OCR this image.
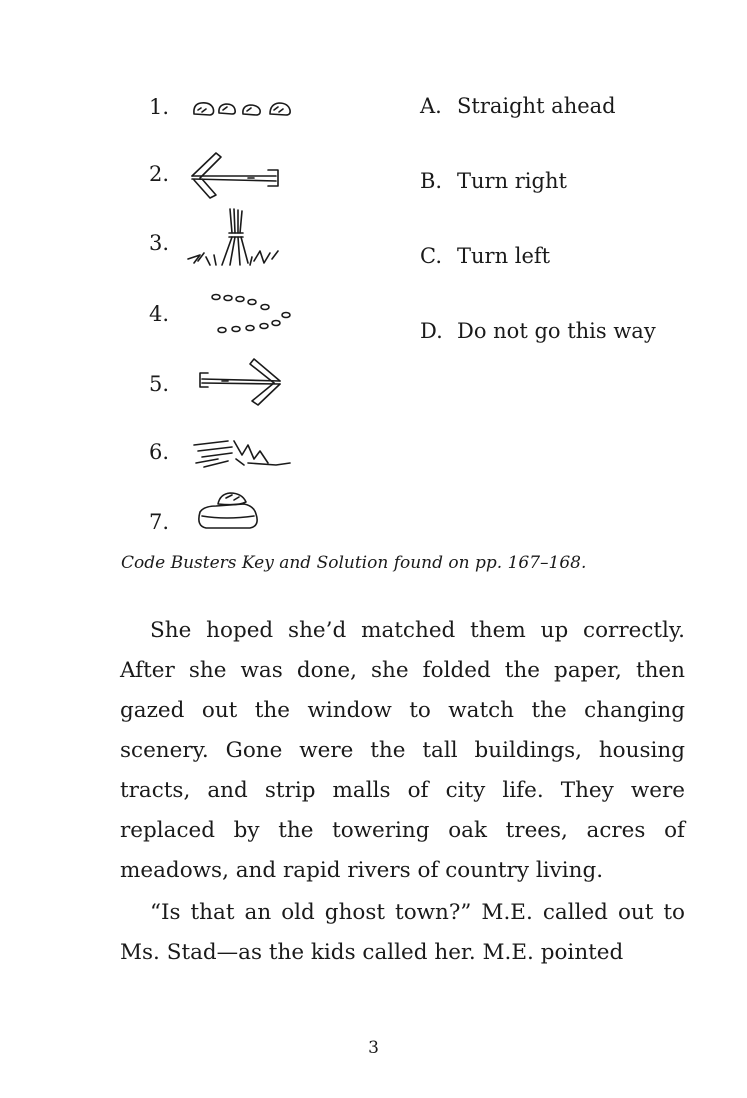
1.
2.
3.
4.
5.
6.
7.
A. Straight ahead
B. Turn right
C. Turn left
D. Do not go this way
Code Busters Key and Solution found on pp. 167–168.
She hoped she’d matched them up correctly. After she was done, she folded the paper, then gazed out the window to watch the changing scenery. Gone were the tall buildings, housing tracts, and strip malls of city life. They were replaced by the towering oak trees, acres of meadows, and rapid rivers of country living.
“Is that an old ghost town?” M.E. called out to Ms. Stad—as the kids called her. M.E. pointed
3
